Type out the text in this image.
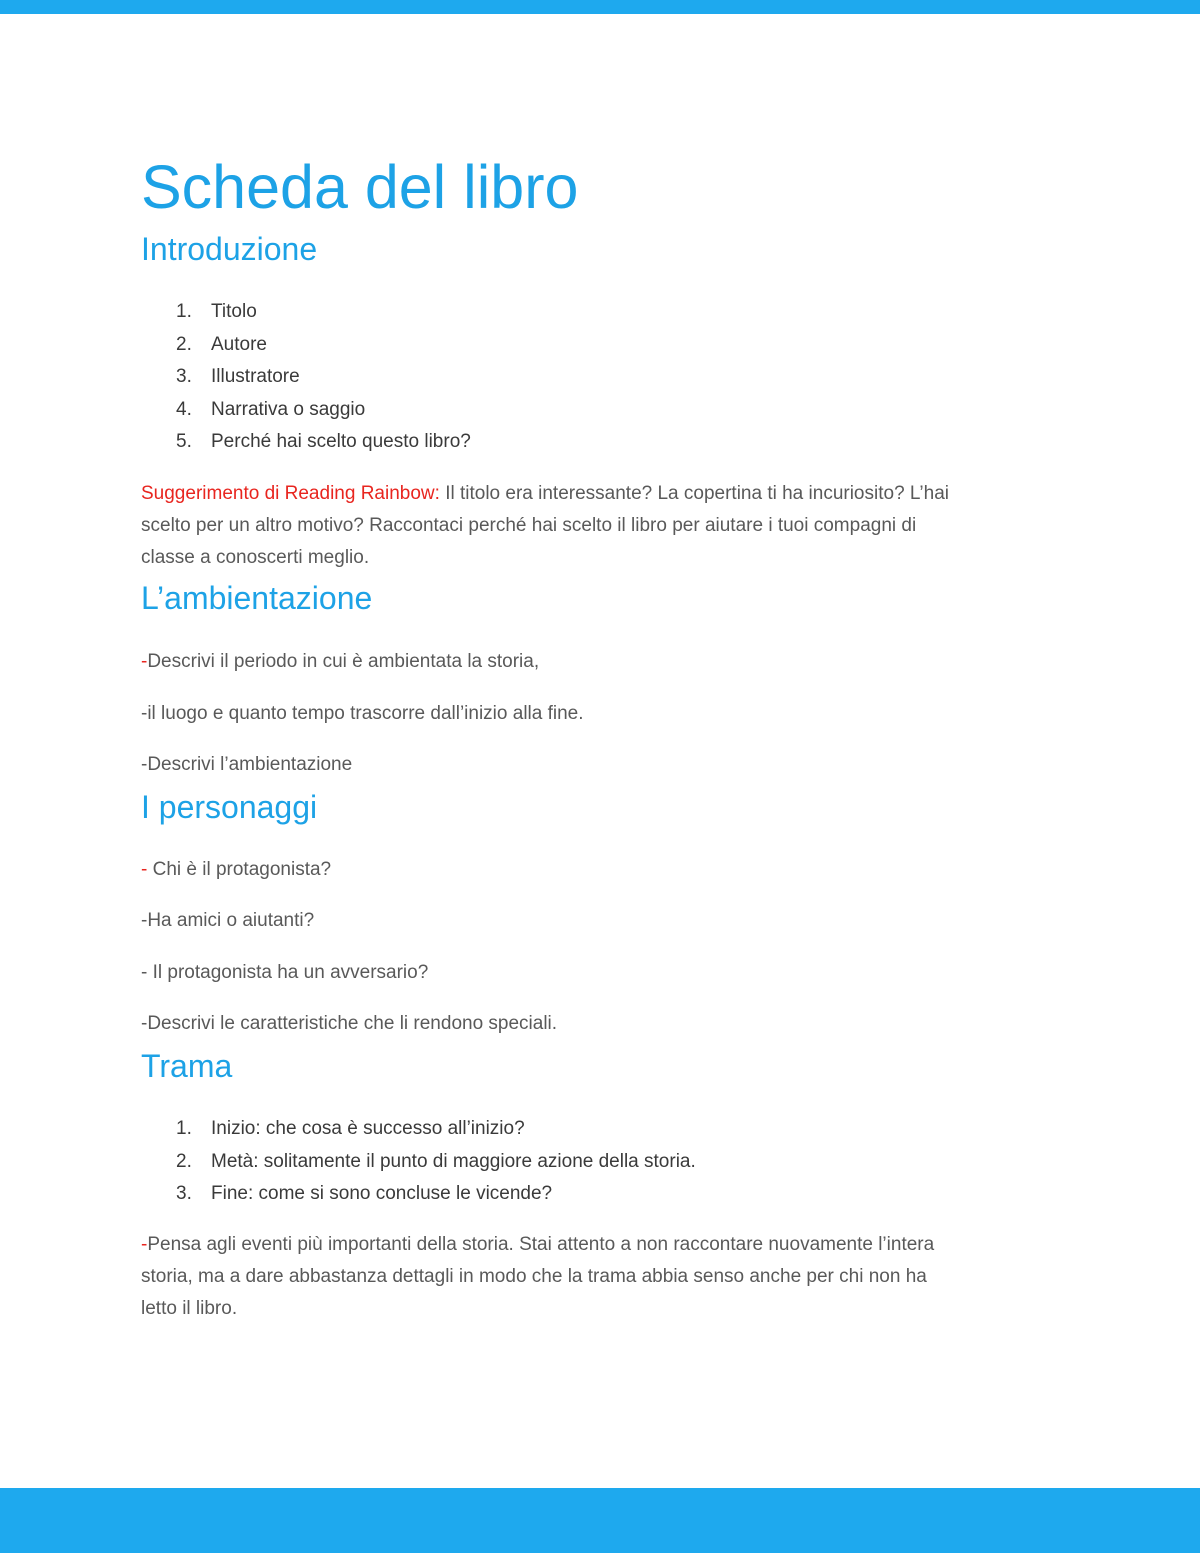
Scheda del libro
Introduzione
1. Titolo
2. Autore
3. Illustratore
4. Narrativa o saggio
5. Perché hai scelto questo libro?
Suggerimento di Reading Rainbow: Il titolo era interessante? La copertina ti ha incuriosito? L’hai
scelto per un altro motivo? Raccontaci perché hai scelto il libro per aiutare i tuoi compagni di
classe a conoscerti meglio.
L’ambientazione

-Descrivi il periodo in cui è ambientata la storia,

-il luogo e quanto tempo trascorre dall’inizio alla fine.

-Descrivi l’ambientazione

I personaggi

- Chi è il protagonista?

-Ha amici o aiutanti?

- Il protagonista ha un avversario?

-Descrivi le caratteristiche che li rendono speciali.

Trama
1. Inizio: che cosa è successo all’inizio?
2. Metà: solitamente il punto di maggiore azione della storia.
3. Fine: come si sono concluse le vicende?
-Pensa agli eventi più importanti della storia. Stai attento a non raccontare nuovamente l’intera
storia, ma a dare abbastanza dettagli in modo che la trama abbia senso anche per chi non ha
letto il libro.
